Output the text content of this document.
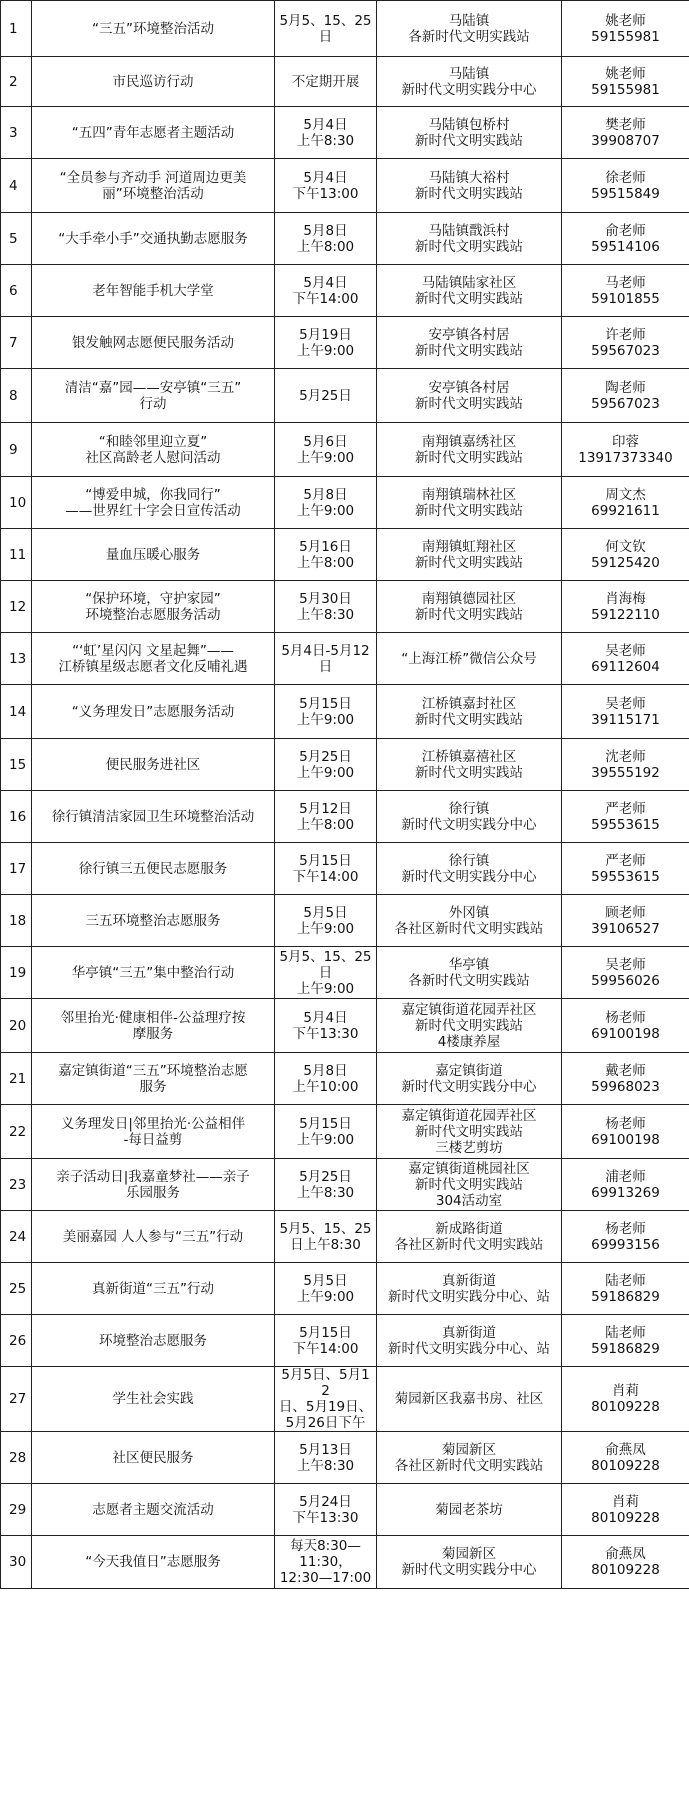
1	“三五”环境整治活动	5月5、15、25
日	马陆镇
各新时代文明实践站	姚老师
59155981

2	市民巡访行动	不定期开展	马陆镇
新时代文明实践分中心	姚老师
59155981

3	“五四”青年志愿者主题活动	5月4日
上午8:30	马陆镇包桥村
新时代文明实践站	樊老师
39908707

4	“全员参与齐动手 河道周边更美
丽”环境整治活动	5月4日
下午13:00	马陆镇大裕村
新时代文明实践站	徐老师
59515849

5	“大手牵小手”交通执勤志愿服务	5月8日
上午8:00	马陆镇戬浜村
新时代文明实践站	俞老师
59514106

6	老年智能手机大学堂	5月4日
下午14:00	马陆镇陆家社区
新时代文明实践站	马老师
59101855

7	银发触网志愿便民服务活动	5月19日
上午9:00	安亭镇各村居
新时代文明实践站	许老师
59567023

8	清洁“嘉”园——安亭镇“三五”
行动	5月25日	安亭镇各村居
新时代文明实践站	陶老师
59567023

9	“和睦邻里迎立夏”
社区高龄老人慰问活动	5月6日
上午9:00	南翔镇嘉绣社区
新时代文明实践站	印蓉
13917373340

10	“博爱申城，你我同行”
——世界红十字会日宣传活动	5月8日
上午9:00	南翔镇瑞林社区
新时代文明实践站	周文杰
69921611

11	量血压暖心服务	5月16日
上午8:00	南翔镇虹翔社区
新时代文明实践站	何文钦
59125420

12	“保护环境，守护家园”
环境整治志愿服务活动	5月30日
上午8:30	南翔镇德园社区
新时代文明实践站	肖海梅
59122110

13	“‘虹’星闪闪 文星起舞”——
江桥镇星级志愿者文化反哺礼遇	5月4日-5月12
日	“上海江桥”微信公众号	吴老师
69112604

14	“义务理发日”志愿服务活动	5月15日
上午9:00	江桥镇嘉封社区
新时代文明实践站	吴老师
39115171

15	便民服务进社区	5月25日
上午9:00	江桥镇嘉禧社区
新时代文明实践站	沈老师
39555192

16	徐行镇清洁家园卫生环境整治活动	5月12日
上午8:00	徐行镇
新时代文明实践分中心	严老师
59553615

17	徐行镇三五便民志愿服务	5月15日
下午14:00	徐行镇
新时代文明实践分中心	严老师
59553615

18	三五环境整治志愿服务	5月5日
上午9:00	外冈镇
各社区新时代文明实践站	顾老师
39106527

19	华亭镇“三五”集中整治行动	5月5、15、25
日
上午9:00	华亭镇
各新时代文明实践站	吴老师
59956026

20	邻里抬光·健康相伴-公益理疗按
摩服务	5月4日
下午13:30	嘉定镇街道花园弄社区
新时代文明实践站
4楼康养屋	杨老师
69100198

21	嘉定镇街道“三五”环境整治志愿
服务	5月8日
上午10:00	嘉定镇街道
新时代文明实践分中心	戴老师
59968023

22	义务理发日|邻里抬光·公益相伴
-每日益剪	5月15日
上午9:00	嘉定镇街道花园弄社区
新时代文明实践站
三楼艺剪坊	杨老师
69100198

23	亲子活动日|我嘉童梦社——亲子
乐园服务	5月25日
上午8:30	嘉定镇街道桃园社区
新时代文明实践站
304活动室	浦老师
69913269

24	美丽嘉园 人人参与“三五”行动	5月5、15、25
日上午8:30	新成路街道
各社区新时代文明实践站	杨老师
69993156

25	真新街道“三五”行动	5月5日
上午9:00	真新街道
新时代文明实践分中心、站	陆老师
59186829

26	环境整治志愿服务	5月15日
下午14:00	真新街道
新时代文明实践分中心、站	陆老师
59186829

27	学生社会实践	5月5日、5月12
日、5月19日、
5月26日下午	菊园新区我嘉书房、社区	肖莉
80109228

28	社区便民服务	5月13日
上午8:30	菊园新区
各社区新时代文明实践站	俞燕凤
80109228

29	志愿者主题交流活动	5月24日
下午13:30	菊园老茶坊	肖莉
80109228

30	“今天我值日”志愿服务	每天8:30—
11:30，
12:30—17:00	菊园新区
新时代文明实践分中心	俞燕凤
80109228
